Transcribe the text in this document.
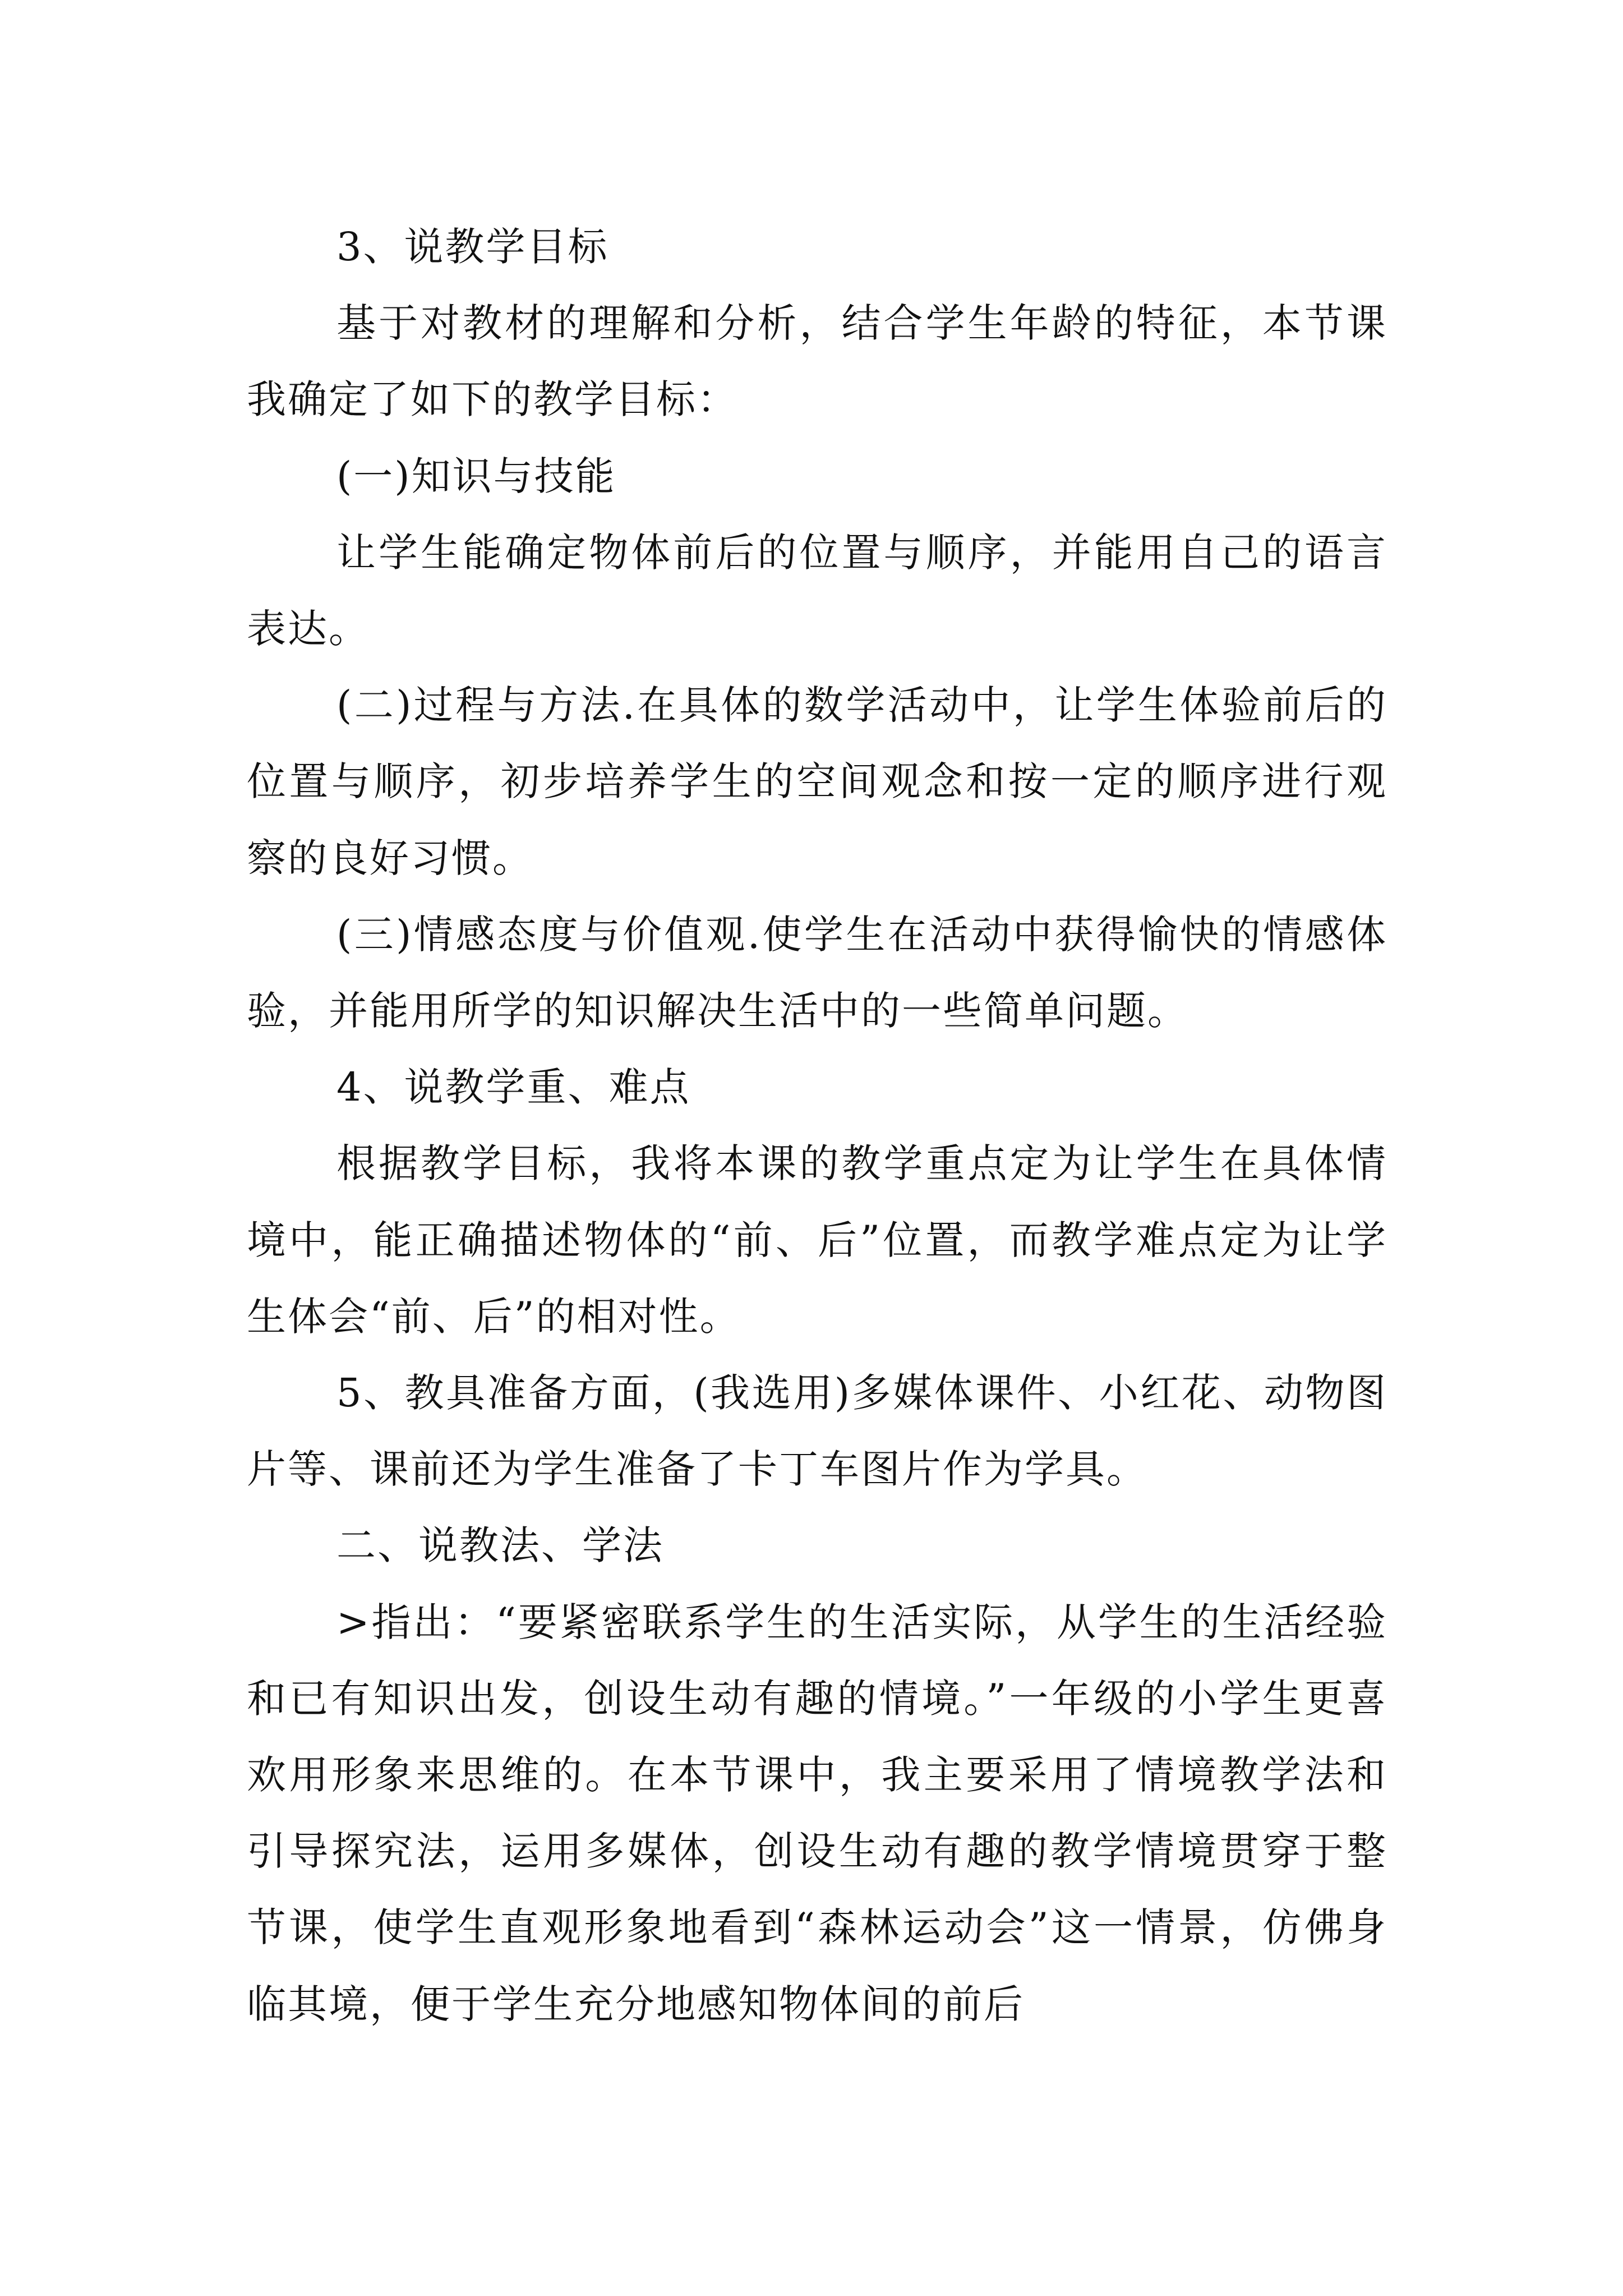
3、说教学目标

基于对教材的理解和分析，结合学生年龄的特征，本节课我确定了如下的教学目标：

(一)知识与技能

让学生能确定物体前后的位置与顺序，并能用自己的语言表达。

(二)过程与方法.在具体的数学活动中，让学生体验前后的位置与顺序，初步培养学生的空间观念和按一定的顺序进行观察的良好习惯。

(三)情感态度与价值观.使学生在活动中获得愉快的情感体验，并能用所学的知识解决生活中的一些简单问题。

4、说教学重、难点

根据教学目标，我将本课的教学重点定为让学生在具体情境中，能正确描述物体的“前、后”位置，而教学难点定为让学生体会“前、后”的相对性。

5、教具准备方面，(我选用)多媒体课件、小红花、动物图片等、课前还为学生准备了卡丁车图片作为学具。

二、说教法、学法

>指出：“要紧密联系学生的生活实际，从学生的生活经验和已有知识出发，创设生动有趣的情境。”一年级的小学生更喜欢用形象来思维的。在本节课中，我主要采用了情境教学法和引导探究法，运用多媒体，创设生动有趣的教学情境贯穿于整节课，使学生直观形象地看到“森林运动会”这一情景，仿佛身临其境，便于学生充分地感知物体间的前后
